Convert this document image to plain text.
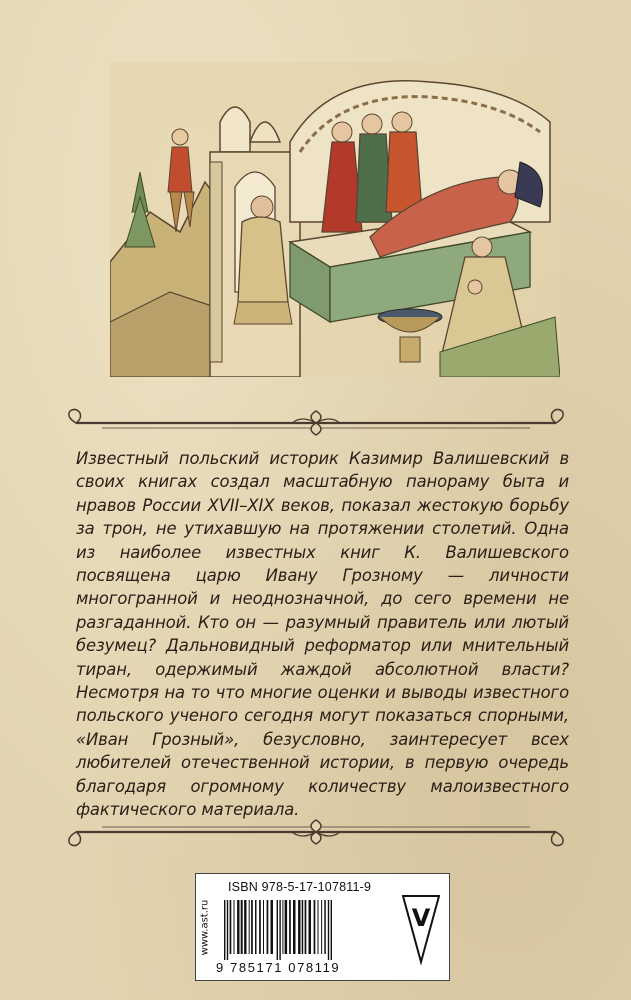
Известный польский историк Казимир Валишевский в своих книгах создал масштабную панораму быта и нравов России XVII–XIX веков, показал жестокую борьбу за трон, не утихавшую на протяжении столетий. Одна из наиболее известных книг К. Валишевского посвящена царю Ивану Грозному — личности многогранной и неоднозначной, до сего времени не разгаданной. Кто он — разумный правитель или лютый безумец? Дальновидный реформатор или мнительный тиран, одержимый жаждой абсолютной власти? Несмотря на то что многие оценки и выводы известного польского ученого сегодня могут показаться спорными, «Иван Грозный», безусловно, заинтересует всех любителей отечественной истории, в первую очередь благодаря огромному количеству малоизвестного фактического материала.

www.ast.ru
ISBN 978-5-17-107811-9
9 785171 078119
V
